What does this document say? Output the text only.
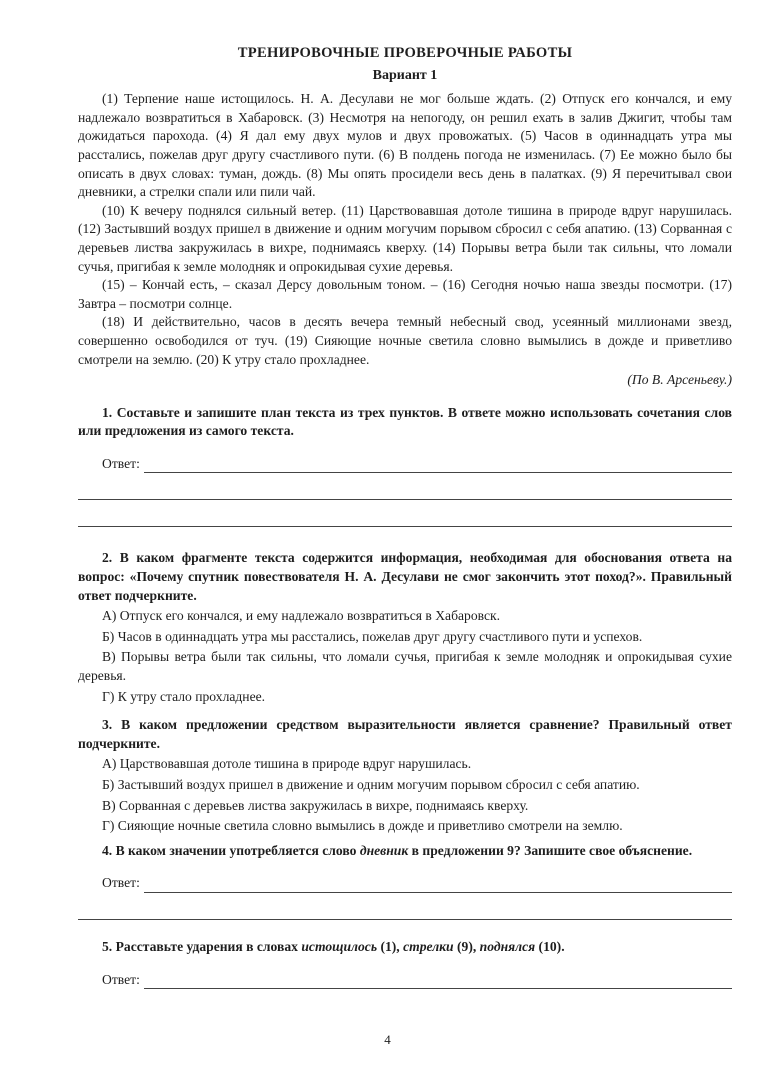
ТРЕНИРОВОЧНЫЕ ПРОВЕРОЧНЫЕ РАБОТЫ
Вариант 1

(1) Терпение наше истощилось. Н. А. Десулави не мог больше ждать. (2) Отпуск его кончался, и ему надлежало возвратиться в Хабаровск. (3) Несмотря на непогоду, он решил ехать в залив Джигит, чтобы там дожидаться парохода. (4) Я дал ему двух мулов и двух провожатых. (5) Часов в одиннадцать утра мы расстались, пожелав друг другу счастливого пути. (6) В полдень погода не изменилась. (7) Ее можно было бы описать в двух словах: туман, дождь. (8) Мы опять просидели весь день в палатках. (9) Я перечитывал свои дневники, а стрелки спали или пили чай.

(10) К вечеру поднялся сильный ветер. (11) Царствовавшая дотоле тишина в природе вдруг нарушилась. (12) Застывший воздух пришел в движение и одним могучим порывом сбросил с себя апатию. (13) Сорванная с деревьев листва закружилась в вихре, поднимаясь кверху. (14) Порывы ветра были так сильны, что ломали сучья, пригибая к земле молодняк и опрокидывая сухие деревья.

(15) – Кончай есть, – сказал Дерсу довольным тоном. – (16) Сегодня ночью наша звезды посмотри. (17) Завтра – посмотри солнце.

(18) И действительно, часов в десять вечера темный небесный свод, усеянный миллионами звезд, совершенно освободился от туч. (19) Сияющие ночные светила словно вымылись в дожде и приветливо смотрели на землю. (20) К утру стало прохладнее.

(По В. Арсеньеву.)

1. Составьте и запишите план текста из трех пунктов. В ответе можно использовать сочетания слов или предложения из самого текста.

Ответ:

2. В каком фрагменте текста содержится информация, необходимая для обоснования ответа на вопрос: «Почему спутник повествователя Н. А. Десулави не смог закончить этот поход?». Правильный ответ подчеркните.

А) Отпуск его кончался, и ему надлежало возвратиться в Хабаровск.

Б) Часов в одиннадцать утра мы расстались, пожелав друг другу счастливого пути и успехов.

В) Порывы ветра были так сильны, что ломали сучья, пригибая к земле молодняк и опрокидывая сухие деревья.

Г) К утру стало прохладнее.

3. В каком предложении средством выразительности является сравнение? Правильный ответ подчеркните.

А) Царствовавшая дотоле тишина в природе вдруг нарушилась.

Б) Застывший воздух пришел в движение и одним могучим порывом сбросил с себя апатию.

В) Сорванная с деревьев листва закружилась в вихре, поднимаясь кверху.

Г) Сияющие ночные светила словно вымылись в дожде и приветливо смотрели на землю.

4. В каком значении употребляется слово дневник в предложении 9? Запишите свое объяснение.

Ответ:

5. Расставьте ударения в словах истощилось (1), стрелки (9), поднялся (10).

Ответ:
4
